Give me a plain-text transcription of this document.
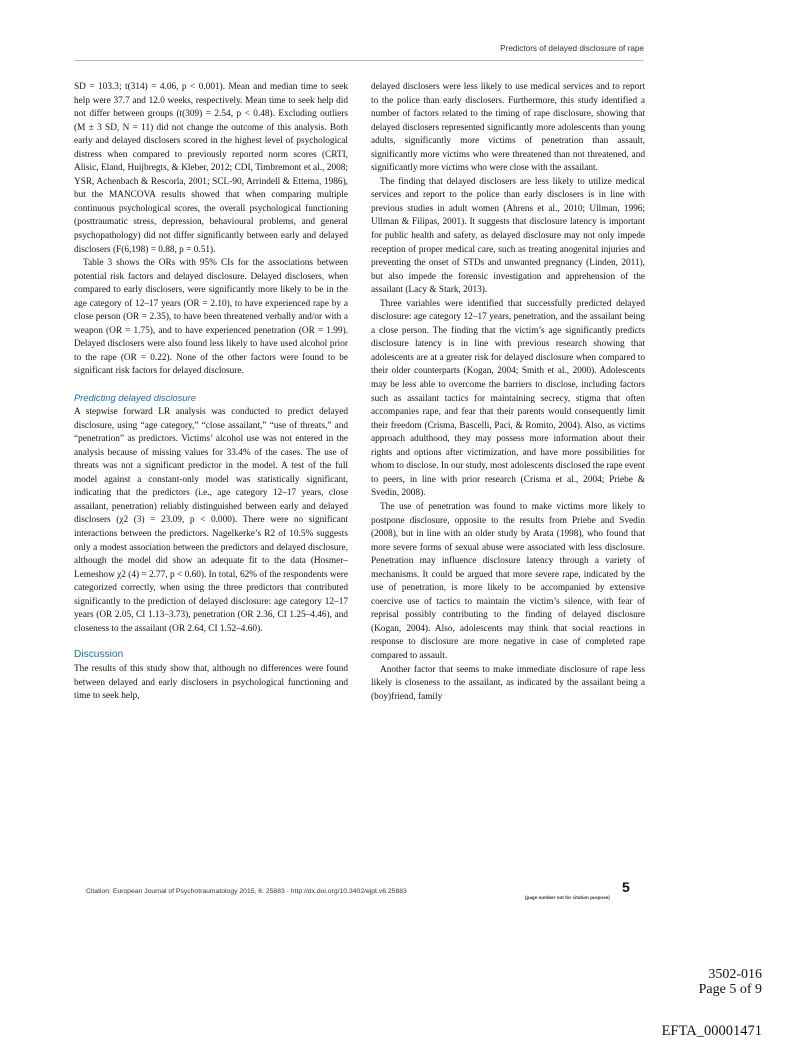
Predictors of delayed disclosure of rape

SD = 103.3; t(314) = 4.06, p < 0.001). Mean and median time to seek help were 37.7 and 12.0 weeks, respectively. Mean time to seek help did not differ between groups (t(309) = 2.54, p < 0.48). Excluding outliers (M ± 3 SD, N = 11) did not change the outcome of this analysis. Both early and delayed disclosers scored in the highest level of psychological distress when compared to previously reported norm scores (CRTI, Alisic, Eland, Huijbregts, & Kleber, 2012; CDI, Timbremont et al., 2008; YSR, Achenbach & Rescorla, 2001; SCL-90, Arrindell & Ettema, 1986), but the MANCOVA results showed that when comparing multiple continuous psychological scores, the overall psychological functioning (posttraumatic stress, depression, behavioural problems, and general psychopathology) did not differ significantly between early and delayed disclosers (F(6,198) = 0.88, p = 0.51).

Table 3 shows the ORs with 95% CIs for the associations between potential risk factors and delayed disclosure. Delayed disclosers, when compared to early disclosers, were significantly more likely to be in the age category of 12–17 years (OR = 2.10), to have experienced rape by a close person (OR = 2.35), to have been threatened verbally and/or with a weapon (OR = 1.75), and to have experienced penetration (OR = 1.99). Delayed disclosers were also found less likely to have used alcohol prior to the rape (OR = 0.22). None of the other factors were found to be significant risk factors for delayed disclosure.

Predicting delayed disclosure

A stepwise forward LR analysis was conducted to predict delayed disclosure, using “age category,” “close assailant,” “use of threats,” and “penetration” as predictors. Victims’ alcohol use was not entered in the analysis because of missing values for 33.4% of the cases. The use of threats was not a significant predictor in the model. A test of the full model against a constant-only model was statistically significant, indicating that the predictors (i.e., age category 12–17 years, close assailant, penetration) reliably distinguished between early and delayed disclosers (χ2 (3) = 23.09, p < 0.000). There were no significant interactions between the predictors. Nagelkerke’s R2 of 10.5% suggests only a modest association between the predictors and delayed disclosure, although the model did show an adequate fit to the data (Hosmer–Lemeshow χ2 (4) = 2.77, p < 0.60). In total, 62% of the respondents were categorized correctly, when using the three predictors that contributed significantly to the prediction of delayed disclosure: age category 12–17 years (OR 2.05, CI 1.13–3.73), penetration (OR 2.36, CI 1.25–4.46), and closeness to the assailant (OR 2.64, CI 1.52–4.60).

Discussion

The results of this study show that, although no differences were found between delayed and early disclosers in psychological functioning and time to seek help,

delayed disclosers were less likely to use medical services and to report to the police than early disclosers. Furthermore, this study identified a number of factors related to the timing of rape disclosure, showing that delayed disclosers represented significantly more adolescents than young adults, significantly more victims of penetration than assault, significantly more victims who were threatened than not threatened, and significantly more victims who were close with the assailant.

The finding that delayed disclosers are less likely to utilize medical services and report to the police than early disclosers is in line with previous studies in adult women (Ahrens et al., 2010; Ullman, 1996; Ullman & Filipas, 2001). It suggests that disclosure latency is important for public health and safety, as delayed disclosure may not only impede reception of proper medical care, such as treating anogenital injuries and preventing the onset of STDs and unwanted pregnancy (Linden, 2011), but also impede the forensic investigation and apprehension of the assailant (Lacy & Stark, 2013).

Three variables were identified that successfully predicted delayed disclosure: age category 12–17 years, penetration, and the assailant being a close person. The finding that the victim’s age significantly predicts disclosure latency is in line with previous research showing that adolescents are at a greater risk for delayed disclosure when compared to their older counterparts (Kogan, 2004; Smith et al., 2000). Adolescents may be less able to overcome the barriers to disclose, including factors such as assailant tactics for maintaining secrecy, stigma that often accompanies rape, and fear that their parents would consequently limit their freedom (Crisma, Bascelli, Paci, & Romito, 2004). Also, as victims approach adulthood, they may possess more information about their rights and options after victimization, and have more possibilities for whom to disclose. In our study, most adolescents disclosed the rape event to peers, in line with prior research (Crisma et al., 2004; Priebe & Svedin, 2008).

The use of penetration was found to make victims more likely to postpone disclosure, opposite to the results from Priebe and Svedin (2008), but in line with an older study by Arata (1998), who found that more severe forms of sexual abuse were associated with less disclosure. Penetration may influence disclosure latency through a variety of mechanisms. It could be argued that more severe rape, indicated by the use of penetration, is more likely to be accompanied by extensive coercive use of tactics to maintain the victim’s silence, with fear of reprisal possibly contributing to the finding of delayed disclosure (Kogan, 2004). Also, adolescents may think that social reactions in response to disclosure are more negative in case of completed rape compared to assault.

Another factor that seems to make immediate disclosure of rape less likely is closeness to the assailant, as indicated by the assailant being a (boy)friend, family

Citation: European Journal of Psychotraumatology 2015, 6: 25883 - http://dx.doi.org/10.3402/ejpt.v6.25883	5
(page number not for citation purpose)
3502-016
Page 5 of 9
EFTA_00001471
